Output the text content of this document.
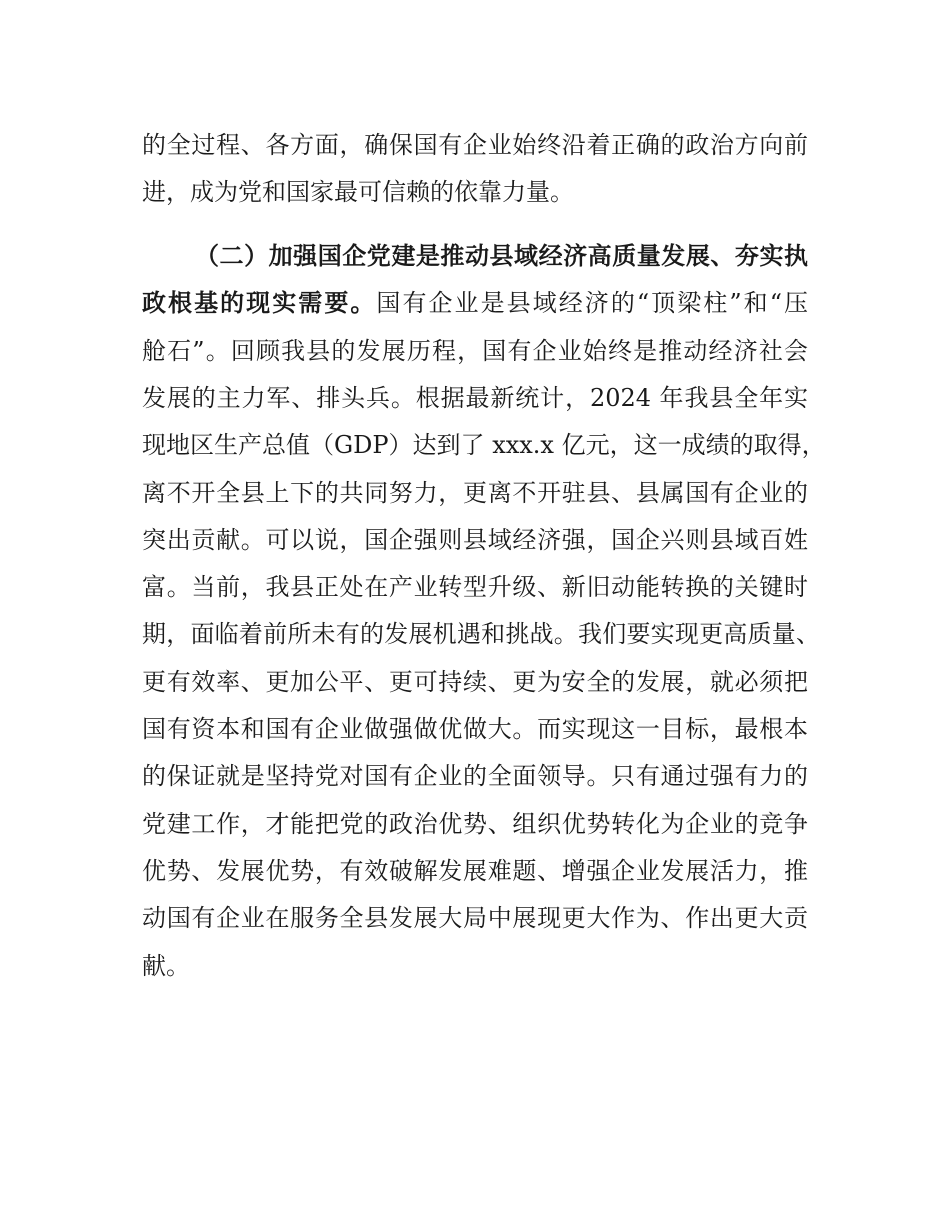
的全过程、各方面，确保国有企业始终沿着正确的政治方向前
进，成为党和国家最可信赖的依靠力量。
（二）加强国企党建是推动县域经济高质量发展、夯实执
政根基的现实需要。国有企业是县域经济的“顶梁柱”和“压
舱石”。回顾我县的发展历程，国有企业始终是推动经济社会
发展的主力军、排头兵。根据最新统计，2024 年我县全年实
现地区生产总值（GDP）达到了 xxx.x 亿元，这一成绩的取得，
离不开全县上下的共同努力，更离不开驻县、县属国有企业的
突出贡献。可以说，国企强则县域经济强，国企兴则县域百姓
富。当前，我县正处在产业转型升级、新旧动能转换的关键时
期，面临着前所未有的发展机遇和挑战。我们要实现更高质量、
更有效率、更加公平、更可持续、更为安全的发展，就必须把
国有资本和国有企业做强做优做大。而实现这一目标，最根本
的保证就是坚持党对国有企业的全面领导。只有通过强有力的
党建工作，才能把党的政治优势、组织优势转化为企业的竞争
优势、发展优势，有效破解发展难题、增强企业发展活力，推
动国有企业在服务全县发展大局中展现更大作为、作出更大贡
献。
